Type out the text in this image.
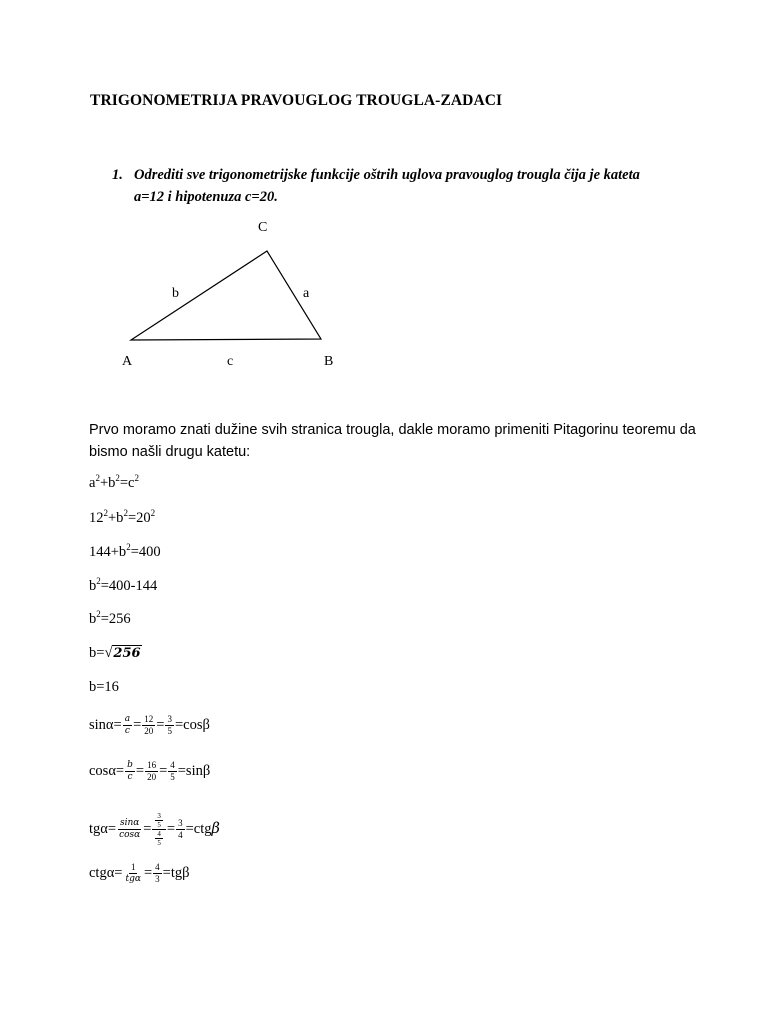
TRIGONOMETRIJA PRAVOUGLOG TROUGLA-ZADACI
1. Odrediti sve trigonometrijske funkcije oštrih uglova pravouglog trougla čija je kateta
a=12 i hipotenuza c=20.
C
A	B
a
b
c
Prvo moramo znati dužine svih stranica trougla, dakle moramo primeniti Pitagorinu teoremu da
bismo našli drugu katetu:
$a^2+b^2=c^2$
$12^2+b^2=20^2$
$144+b^2=400$
$b^2=400-144$
$b^2=256$
b=√256
b=16
$\sin\alpha= \frac{a}{c} = \frac{12}{20} = \frac{3}{5} =\cos\beta$
$\cos\alpha= \frac{b}{c} = \frac{16}{20} = \frac{4}{5} =\sin\beta$
$tg\alpha= \frac{\sin\alpha}{\cos\alpha} = \frac{\frac{3}{5}}{\frac{4}{5}} = \frac{3}{4} =ctg\beta$
$ctg\alpha= \frac{1}{\text{tgα}} = \frac{4}{3} =tg\beta$
